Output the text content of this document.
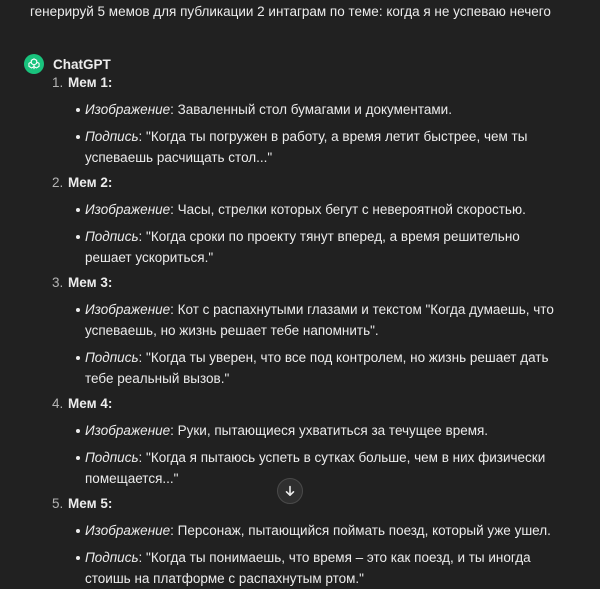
генерируй 5 мемов для публикации 2 интаграм по теме: когда я не успеваю нечего
ChatGPT
1. Мем 1:
Изображение: Заваленный стол бумагами и документами.
Подпись: "Когда ты погружен в работу, а время летит быстрее, чем ты успеваешь расчищать стол..."
2. Мем 2:
Изображение: Часы, стрелки которых бегут с невероятной скоростью.
Подпись: "Когда сроки по проекту тянут вперед, а время решительно решает ускориться."
3. Мем 3:
Изображение: Кот с распахнутыми глазами и текстом "Когда думаешь, что успеваешь, но жизнь решает тебе напомнить".
Подпись: "Когда ты уверен, что все под контролем, но жизнь решает дать тебе реальный вызов."
4. Мем 4:
Изображение: Руки, пытающиеся ухватиться за течущее время.
Подпись: "Когда я пытаюсь успеть в сутках больше, чем в них физически помещается..."
5. Мем 5:
Изображение: Персонаж, пытающийся поймать поезд, который уже ушел.
Подпись: "Когда ты понимаешь, что время – это как поезд, и ты иногда стоишь на платформе с распахнутым ртом."
